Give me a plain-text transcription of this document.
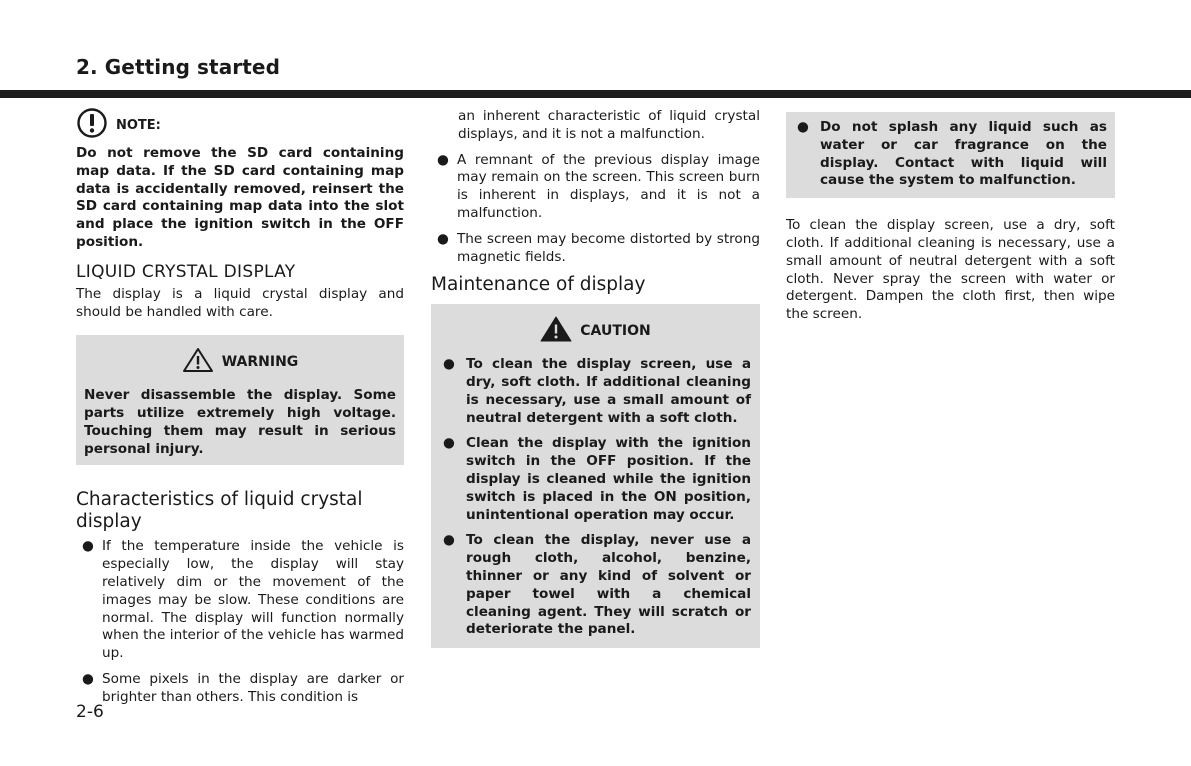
2. Getting started
NOTE:

Do not remove the SD card containing map data. If the SD card containing map data is accidentally removed, reinsert the SD card containing map data into the slot and place the ignition switch in the OFF position.

LIQUID CRYSTAL DISPLAY

The display is a liquid crystal display and should be handled with care.

WARNING

Never disassemble the display. Some parts utilize extremely high voltage. Touching them may result in serious personal injury.

Characteristics of liquid crystal display
● If the temperature inside the vehicle is especially low, the display will stay relatively dim or the movement of the images may be slow. These conditions are normal. The display will function normally when the interior of the vehicle has warmed up.
● Some pixels in the display are darker or brighter than others. This condition is

an inherent characteristic of liquid crystal displays, and it is not a malfunction.

● A remnant of the previous display image may remain on the screen. This screen burn is inherent in displays, and it is not a malfunction.
● The screen may become distorted by strong magnetic fields.
Maintenance of display
CAUTION
● To clean the display screen, use a dry, soft cloth. If additional cleaning is necessary, use a small amount of neutral detergent with a soft cloth.
● Clean the display with the ignition switch in the OFF position. If the display is cleaned while the ignition switch is placed in the ON position, unintentional operation may occur.
● To clean the display, never use a rough cloth, alcohol, benzine, thinner or any kind of solvent or paper towel with a chemical cleaning agent. They will scratch or deteriorate the panel.
● Do not splash any liquid such as water or car fragrance on the display. Contact with liquid will cause the system to malfunction.

To clean the display screen, use a dry, soft cloth. If additional cleaning is necessary, use a small amount of neutral detergent with a soft cloth. Never spray the screen with water or detergent. Dampen the cloth first, then wipe the screen.

2-6
